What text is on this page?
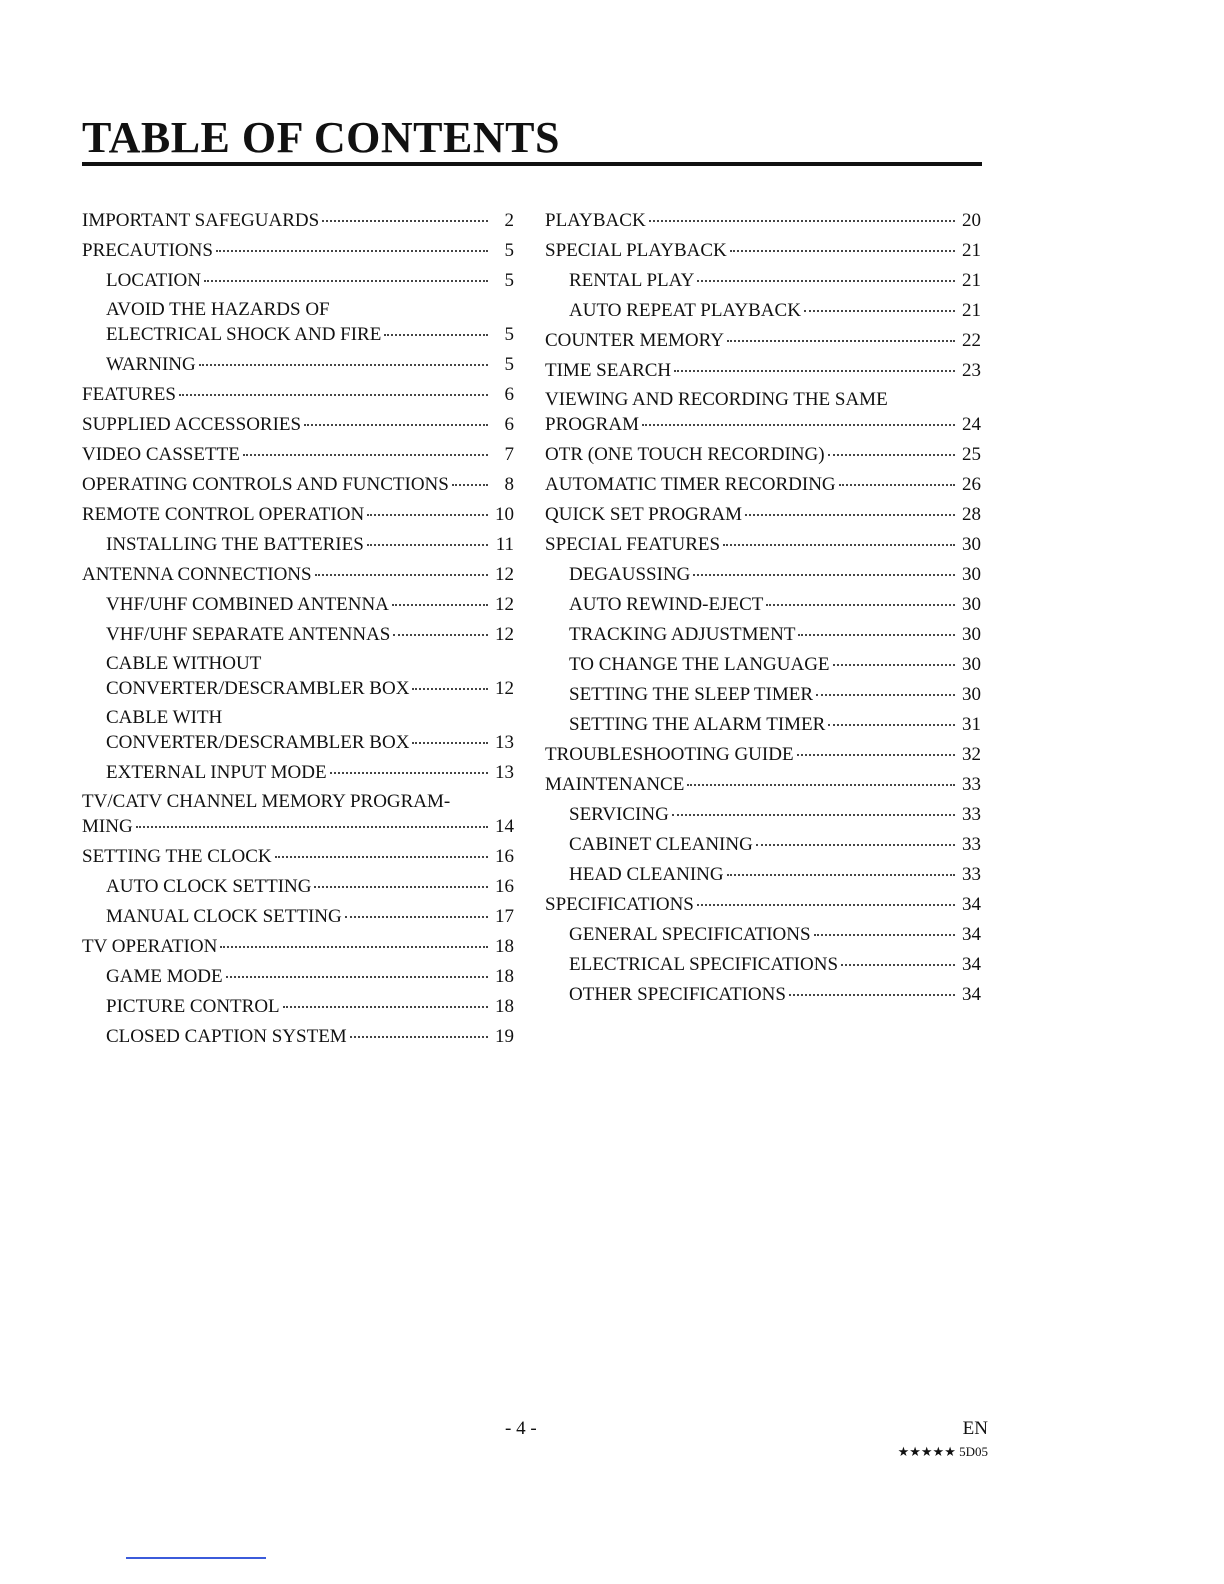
TABLE OF CONTENTS
IMPORTANT SAFEGUARDS	2
PRECAUTIONS	5
LOCATION	5
AVOID THE HAZARDS OF
ELECTRICAL SHOCK AND FIRE	5
WARNING	5
FEATURES	6
SUPPLIED ACCESSORIES	6
VIDEO CASSETTE	7
OPERATING CONTROLS AND FUNCTIONS	8
REMOTE CONTROL OPERATION	10
INSTALLING THE BATTERIES	11
ANTENNA CONNECTIONS	12
VHF/UHF COMBINED ANTENNA	12
VHF/UHF SEPARATE ANTENNAS	12
CABLE WITHOUT
CONVERTER/DESCRAMBLER BOX	12
CABLE WITH
CONVERTER/DESCRAMBLER BOX	13
EXTERNAL INPUT MODE	13
TV/CATV CHANNEL MEMORY PROGRAM-
MING	14
SETTING THE CLOCK	16
AUTO CLOCK SETTING	16
MANUAL CLOCK SETTING	17
TV OPERATION	18
GAME MODE	18
PICTURE CONTROL	18
CLOSED CAPTION SYSTEM	19
PLAYBACK	20
SPECIAL PLAYBACK	21
RENTAL PLAY	21
AUTO REPEAT PLAYBACK	21
COUNTER MEMORY	22
TIME SEARCH	23
VIEWING AND RECORDING THE SAME
PROGRAM	24
OTR (ONE TOUCH RECORDING)	25
AUTOMATIC TIMER RECORDING	26
QUICK SET PROGRAM	28
SPECIAL FEATURES	30
DEGAUSSING	30
AUTO REWIND-EJECT	30
TRACKING ADJUSTMENT	30
TO CHANGE THE LANGUAGE	30
SETTING THE SLEEP TIMER	30
SETTING THE ALARM TIMER	31
TROUBLESHOOTING GUIDE	32
MAINTENANCE	33
SERVICING	33
CABINET CLEANING	33
HEAD CLEANING	33
SPECIFICATIONS	34
GENERAL SPECIFICATIONS	34
ELECTRICAL SPECIFICATIONS	34
OTHER SPECIFICATIONS	34
- 4 -	EN
★★★★★ 5D05
